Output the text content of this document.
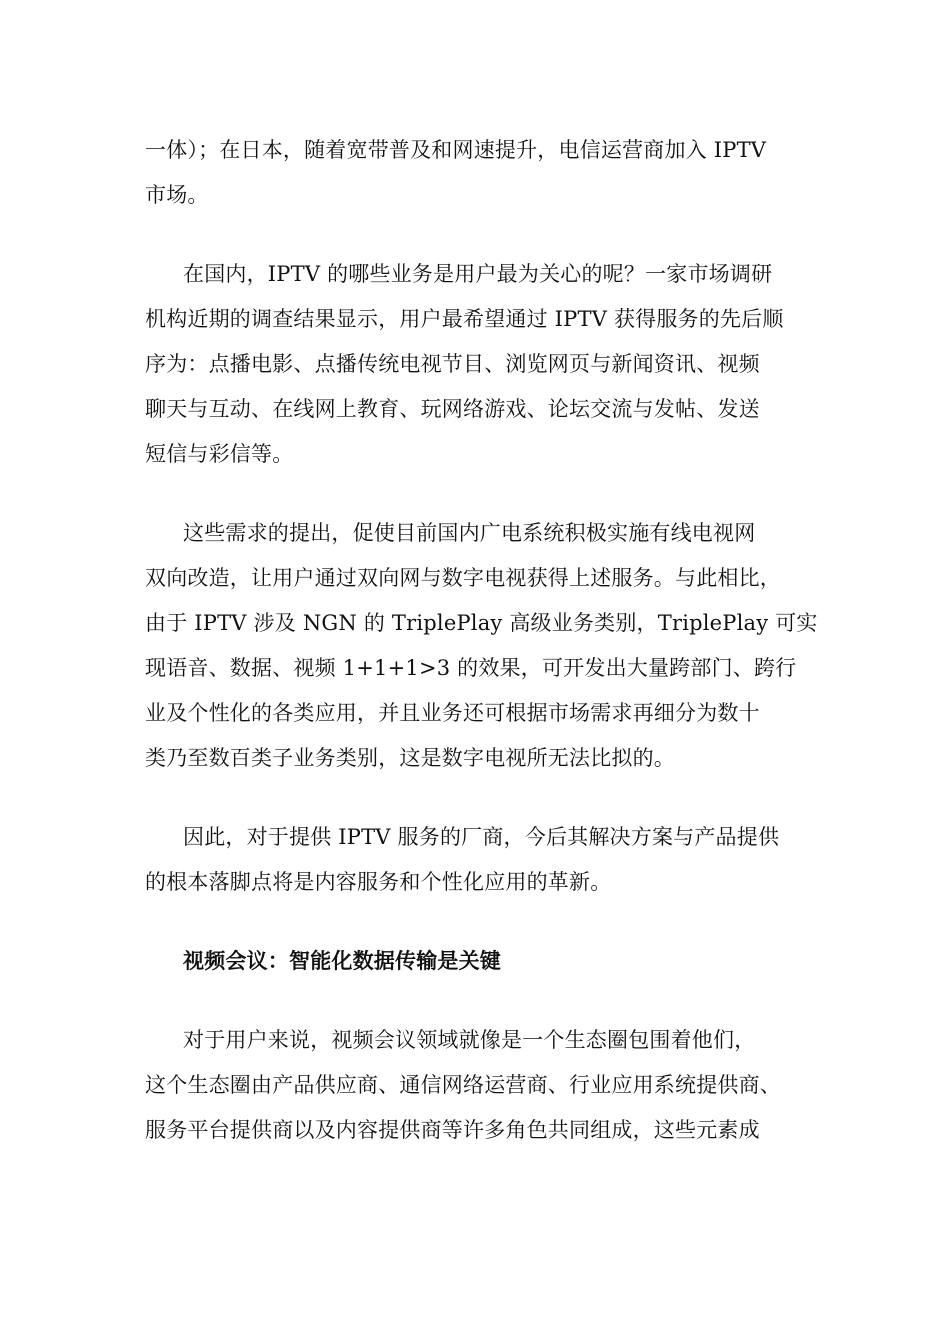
一体）；在日本，随着宽带普及和网速提升，电信运营商加入 IPTV
市场。
在国内，IPTV 的哪些业务是用户最为关心的呢？一家市场调研
机构近期的调查结果显示，用户最希望通过 IPTV 获得服务的先后顺
序为：点播电影、点播传统电视节目、浏览网页与新闻资讯、视频
聊天与互动、在线网上教育、玩网络游戏、论坛交流与发帖、发送
短信与彩信等。
这些需求的提出，促使目前国内广电系统积极实施有线电视网
双向改造，让用户通过双向网与数字电视获得上述服务。与此相比，
由于 IPTV 涉及 NGN 的 TriplePlay 高级业务类别，TriplePlay 可实
现语音、数据、视频 1+1+1>3 的效果，可开发出大量跨部门、跨行
业及个性化的各类应用，并且业务还可根据市场需求再细分为数十
类乃至数百类子业务类别，这是数字电视所无法比拟的。
因此，对于提供 IPTV 服务的厂商，今后其解决方案与产品提供
的根本落脚点将是内容服务和个性化应用的革新。
视频会议：智能化数据传输是关键
对于用户来说，视频会议领域就像是一个生态圈包围着他们，
这个生态圈由产品供应商、通信网络运营商、行业应用系统提供商、
服务平台提供商以及内容提供商等许多角色共同组成，这些元素成
